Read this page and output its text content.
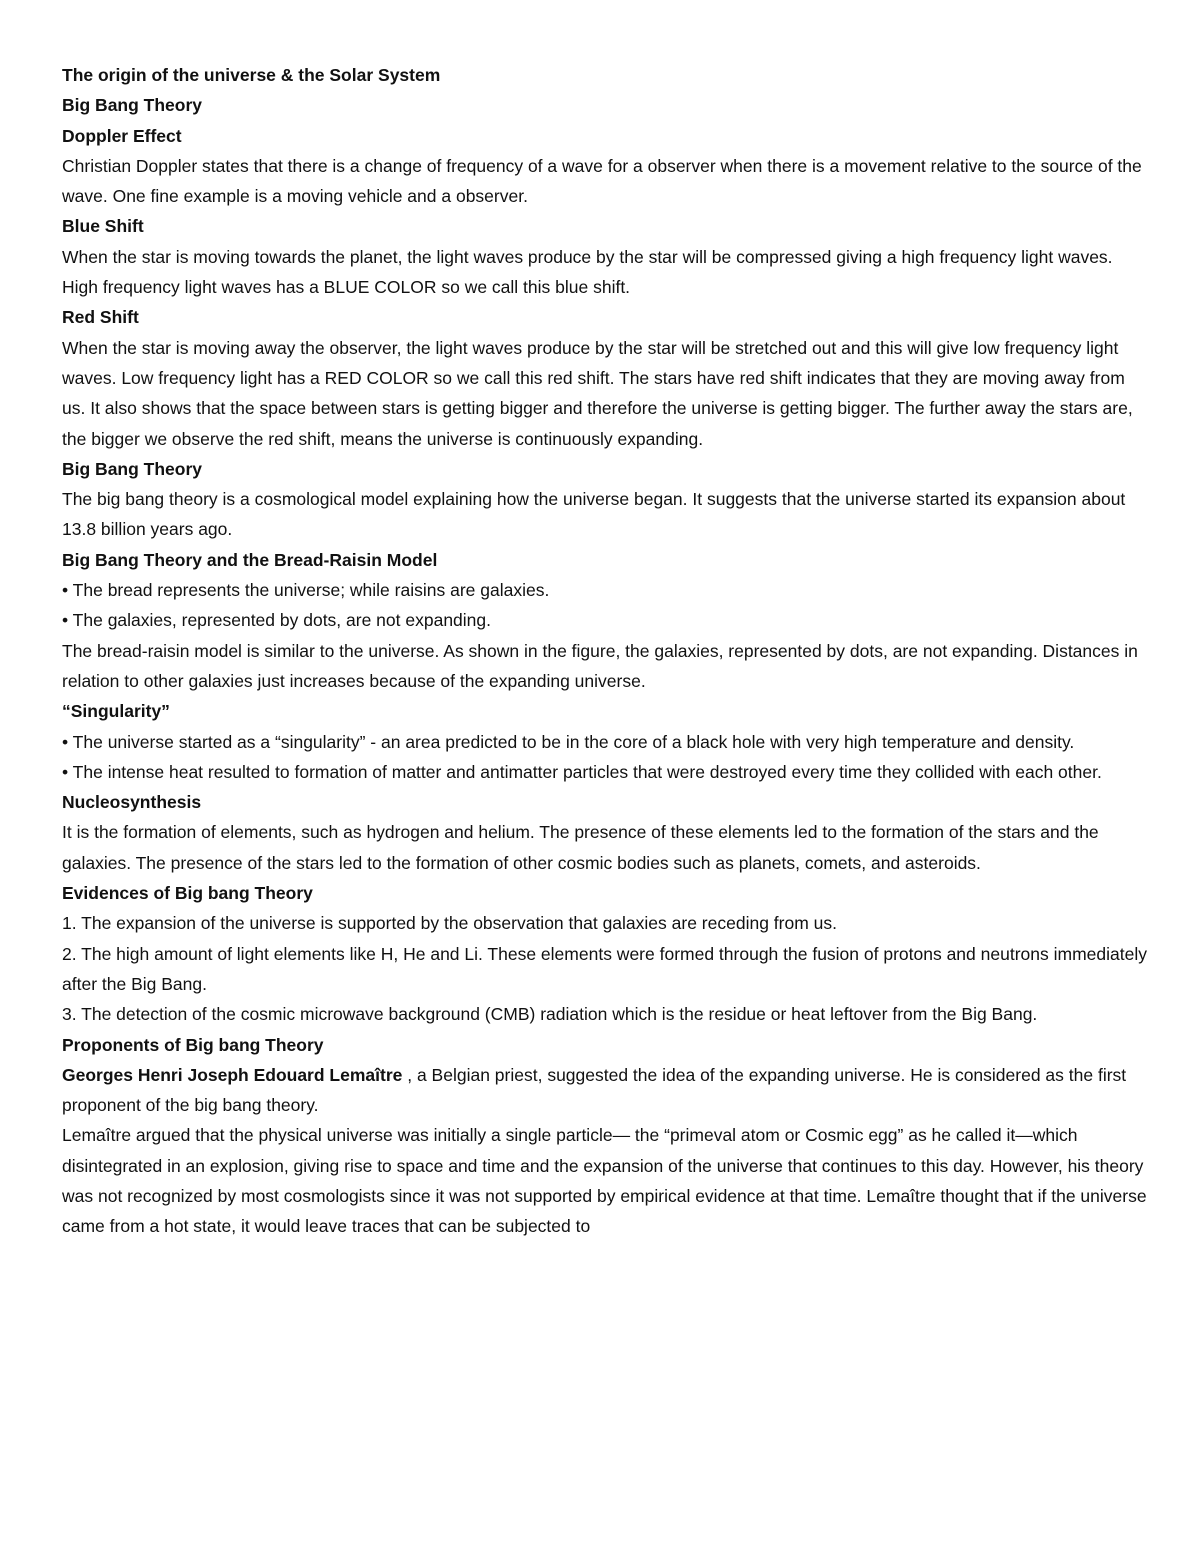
The origin of the universe & the Solar System

Big Bang Theory

Doppler Effect

Christian Doppler states that there is a change of frequency of a wave for a observer when there is a movement relative to the source of the wave. One fine example is a moving vehicle and a observer.

Blue Shift

When the star is moving towards the planet, the light waves produce by the star will be compressed giving a high frequency light waves. High frequency light waves has a BLUE COLOR so we call this blue shift.

Red Shift

When the star is moving away the observer, the light waves produce by the star will be stretched out and this will give low frequency light waves. Low frequency light has a RED COLOR so we call this red shift. The stars have red shift indicates that they are moving away from us. It also shows that the space between stars is getting bigger and therefore the universe is getting bigger. The further away the stars are, the bigger we observe the red shift, means the universe is continuously expanding.

Big Bang Theory

The big bang theory is a cosmological model explaining how the universe began. It suggests that the universe started its expansion about 13.8 billion years ago.

Big Bang Theory and the Bread-Raisin Model

• The bread represents the universe; while raisins are galaxies.

• The galaxies, represented by dots, are not expanding.

The bread-raisin model is similar to the universe. As shown in the figure, the galaxies, represented by dots, are not expanding. Distances in relation to other galaxies just increases because of the expanding universe.

“Singularity”

• The universe started as a “singularity” - an area predicted to be in the core of a black hole with very high temperature and density.

• The intense heat resulted to formation of matter and antimatter particles that were destroyed every time they collided with each other.

Nucleosynthesis

It is the formation of elements, such as hydrogen and helium. The presence of these elements led to the formation of the stars and the galaxies. The presence of the stars led to the formation of other cosmic bodies such as planets, comets, and asteroids.

Evidences of Big bang Theory

1. The expansion of the universe is supported by the observation that galaxies are receding from us.

2. The high amount of light elements like H, He and Li. These elements were formed through the fusion of protons and neutrons immediately after the Big Bang.

3. The detection of the cosmic microwave background (CMB) radiation which is the residue or heat leftover from the Big Bang.

Proponents of Big bang Theory

Georges Henri Joseph Edouard Lemaître , a Belgian priest, suggested the idea of the expanding universe. He is considered as the first proponent of the big bang theory.

Lemaître argued that the physical universe was initially a single particle— the “primeval atom or Cosmic egg” as he called it—which disintegrated in an explosion, giving rise to space and time and the expansion of the universe that continues to this day. However, his theory was not recognized by most cosmologists since it was not supported by empirical evidence at that time. Lemaître thought that if the universe came from a hot state, it would leave traces that can be subjected to
